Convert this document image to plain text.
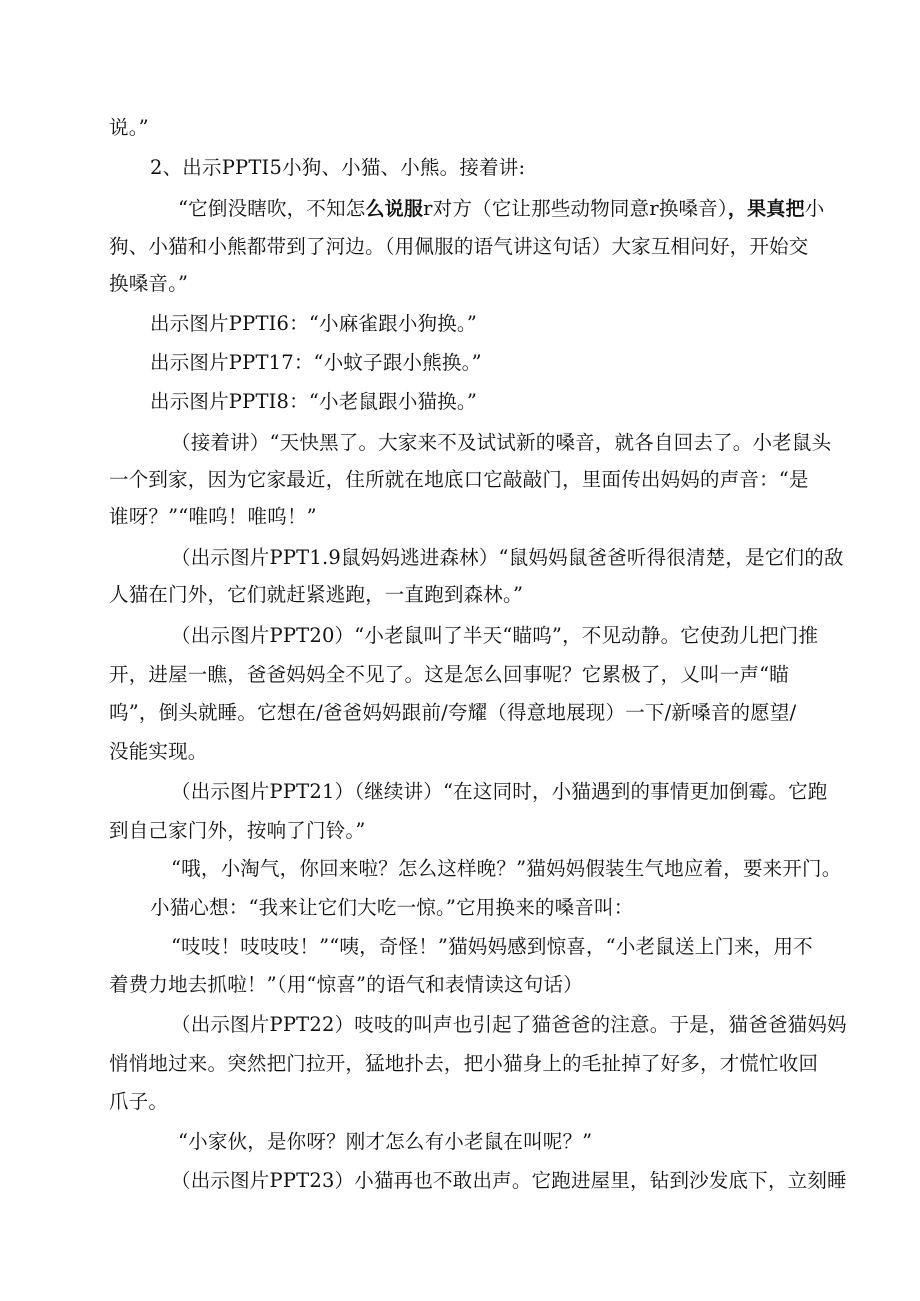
说。”
2、出示PPTI5小狗、小猫、小熊。接着讲:
“它倒没瞎吹，不知怎么说服r对方（它让那些动物同意r换嗓音），果真把小
狗、小猫和小熊都带到了河边。（用佩服的语气讲这句话）大家互相问好，开始交
换嗓音。”
出示图片PPTI6：“小麻雀跟小狗换。”
出示图片PPT17：“小蚊子跟小熊换。”
出示图片PPTI8：“小老鼠跟小猫换。”
（接着讲）“天快黑了。大家来不及试试新的嗓音，就各自回去了。小老鼠头
一个到家，因为它家最近，住所就在地底口它敲敲门，里面传出妈妈的声音：“是
谁呀？”“唯呜！唯呜！”
（出示图片PPT1.9鼠妈妈逃进森林）“鼠妈妈鼠爸爸听得很清楚，是它们的敌
人猫在门外，它们就赶紧逃跑，一直跑到森林。”
（出示图片PPT20）“小老鼠叫了半天“瞄呜”，不见动静。它使劲儿把门推
开，进屋一瞧，爸爸妈妈全不见了。这是怎么回事呢？它累极了，乂叫一声“瞄
呜”，倒头就睡。它想在/爸爸妈妈跟前/夸耀（得意地展现）一下/新嗓音的愿望/
没能实现。
（出示图片PPT21）（继续讲）“在这同时，小猫遇到的事情更加倒霉。它跑
到自己家门外，按响了门铃。”
“哦，小淘气，你回来啦？怎么这样晚？”猫妈妈假装生气地应着，要来开门。
小猫心想：“我来让它们大吃一惊。”它用换来的嗓音叫：
“吱吱！吱吱吱！”“咦，奇怪！”猫妈妈感到惊喜，“小老鼠送上门来，用不
着费力地去抓啦！”（用“惊喜”的语气和表情读这句话）
（出示图片PPT22）吱吱的叫声也引起了猫爸爸的注意。于是，猫爸爸猫妈妈
悄悄地过来。突然把门拉开，猛地扑去，把小猫身上的毛扯掉了好多，才慌忙收回
爪子。
“小家伙，是你呀？刚才怎么有小老鼠在叫呢？”
（出示图片PPT23）小猫再也不敢出声。它跑进屋里，钻到沙发底下，立刻睡
